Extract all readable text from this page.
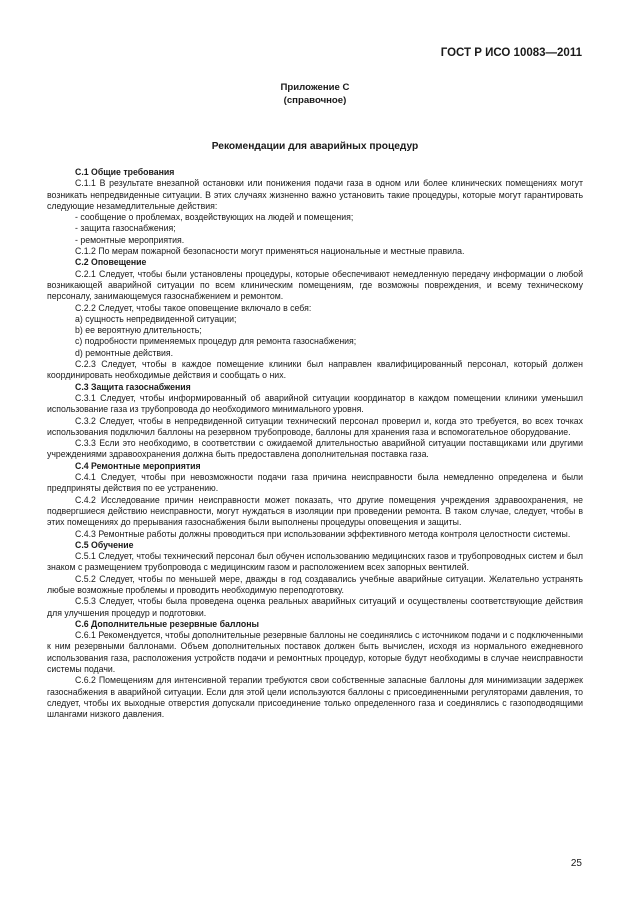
ГОСТ Р ИСО 10083—2011
Приложение С
(справочное)
Рекомендации для аварийных процедур

С.1 Общие требования

С.1.1 В результате внезапной остановки или понижения подачи газа в одном или более клинических помещениях могут возникать непредвиденные ситуации. В этих случаях жизненно важно установить такие процедуры, которые могут гарантировать следующие незамедлительные действия:

- сообщение о проблемах, воздействующих на людей и помещения;

- защита газоснабжения;

- ремонтные мероприятия.

С.1.2 По мерам пожарной безопасности могут применяться национальные и местные правила.

С.2 Оповещение

С.2.1 Следует, чтобы были установлены процедуры, которые обеспечивают немедленную передачу информации о любой возникающей аварийной ситуации по всем клиническим помещениям, где возможны повреждения, и всему техническому персоналу, занимающемуся газоснабжением и ремонтом.

С.2.2 Следует, чтобы такое оповещение включало в себя:

a) сущность непредвиденной ситуации;

b) ее вероятную длительность;

c) подробности применяемых процедур для ремонта газоснабжения;

d) ремонтные действия.

С.2.3 Следует, чтобы в каждое помещение клиники был направлен квалифицированный персонал, который должен координировать необходимые действия и сообщать о них.

С.3 Защита газоснабжения

С.3.1 Следует, чтобы информированный об аварийной ситуации координатор в каждом помещении клиники уменьшил использование газа из трубопровода до необходимого минимального уровня.

С.3.2 Следует, чтобы в непредвиденной ситуации технический персонал проверил и, когда это требуется, во всех точках использования подключил баллоны на резервном трубопроводе, баллоны для хранения газа и вспомогательное оборудование.

С.3.3 Если это необходимо, в соответствии с ожидаемой длительностью аварийной ситуации поставщиками или другими учреждениями здравоохранения должна быть предоставлена дополнительная поставка газа.

С.4 Ремонтные мероприятия

С.4.1 Следует, чтобы при невозможности подачи газа причина неисправности была немедленно определена и были предприняты действия по ее устранению.

С.4.2 Исследование причин неисправности может показать, что другие помещения учреждения здравоохранения, не подвергшиеся действию неисправности, могут нуждаться в изоляции при проведении ремонта. В таком случае, следует, чтобы в этих помещениях до прерывания газоснабжения были выполнены процедуры оповещения и защиты.

С.4.3 Ремонтные работы должны проводиться при использовании эффективного метода контроля целостности системы.

С.5 Обучение

С.5.1 Следует, чтобы технический персонал был обучен использованию медицинских газов и трубопроводных систем и был знаком с размещением трубопровода с медицинским газом и расположением всех запорных вентилей.

С.5.2 Следует, чтобы по меньшей мере, дважды в год создавались учебные аварийные ситуации. Желательно устранять любые возможные проблемы и проводить необходимую переподготовку.

С.5.3 Следует, чтобы была проведена оценка реальных аварийных ситуаций и осуществлены соответствующие действия для улучшения процедур и подготовки.

С.6 Дополнительные резервные баллоны

С.6.1 Рекомендуется, чтобы дополнительные резервные баллоны не соединялись с источником подачи и с подключенными к ним резервными баллонами. Объем дополнительных поставок должен быть вычислен, исходя из нормального ежедневного использования газа, расположения устройств подачи и ремонтных процедур, которые будут необходимы в случае неисправности системы подачи.

С.6.2 Помещениям для интенсивной терапии требуются свои собственные запасные баллоны для минимизации задержек газоснабжения в аварийной ситуации. Если для этой цели используются баллоны с присоединенными регуляторами давления, то следует, чтобы их выходные отверстия допускали присоединение только определенного газа и соединялись с газоподводящими шлангами низкого давления.

25
